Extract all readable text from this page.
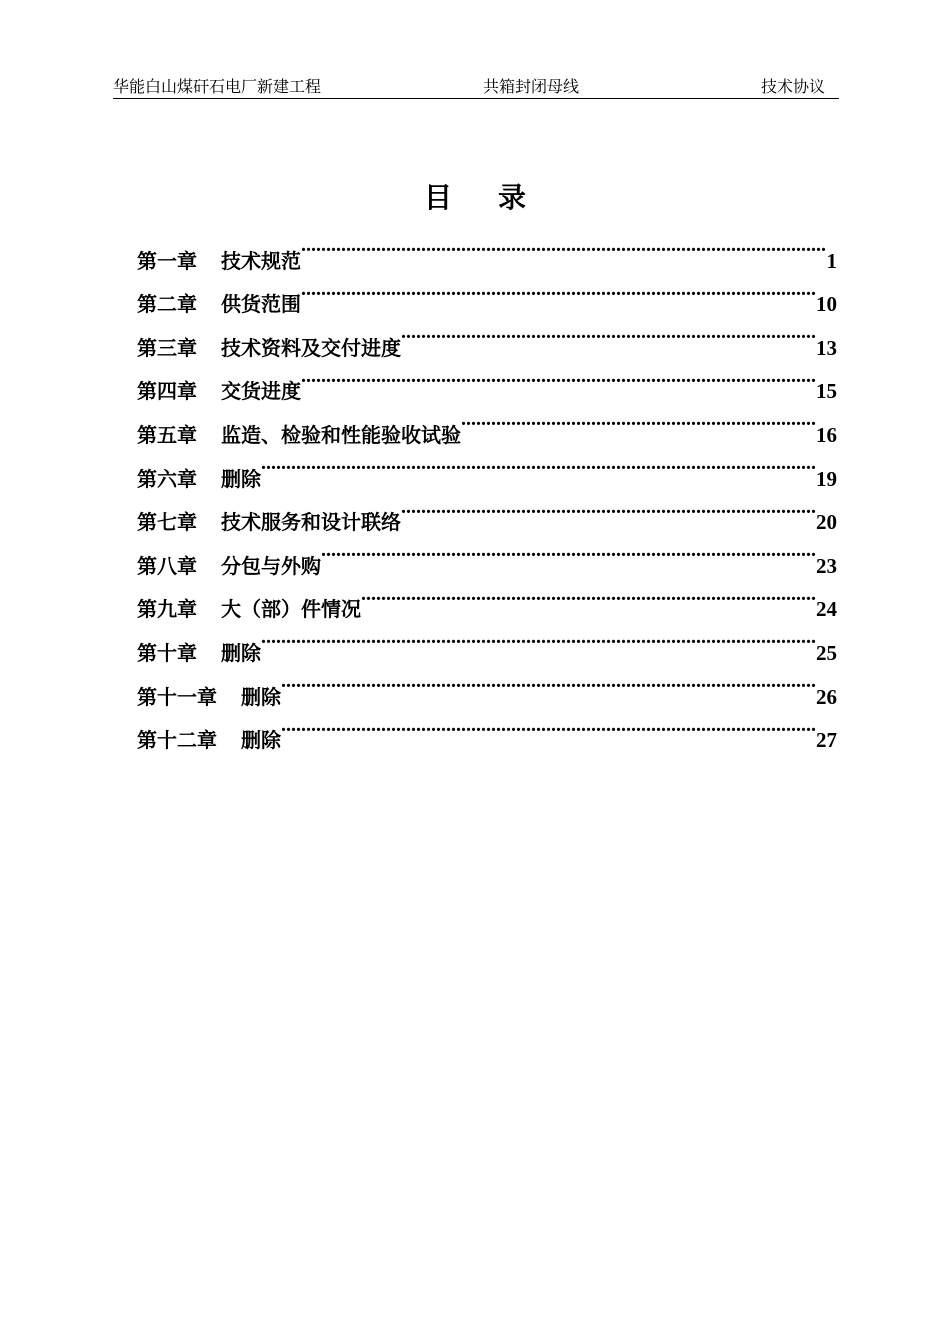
华能白山煤矸石电厂新建工程	共箱封闭母线	技术协议
目录
第一章 技术规范 .....	1
第二章 供货范围 .....	10
第三章 技术资料及交付进度 .....	13
第四章 交货进度 .....	15
第五章 监造、检验和性能验收试验 .....	16
第六章 删除 .....	19
第七章 技术服务和设计联络 .....	20
第八章 分包与外购 .....	23
第九章 大（部）件情况 .....	24
第十章 删除 .....	25
第十一章 删除 .....	26
第十二章 删除 .....	27
